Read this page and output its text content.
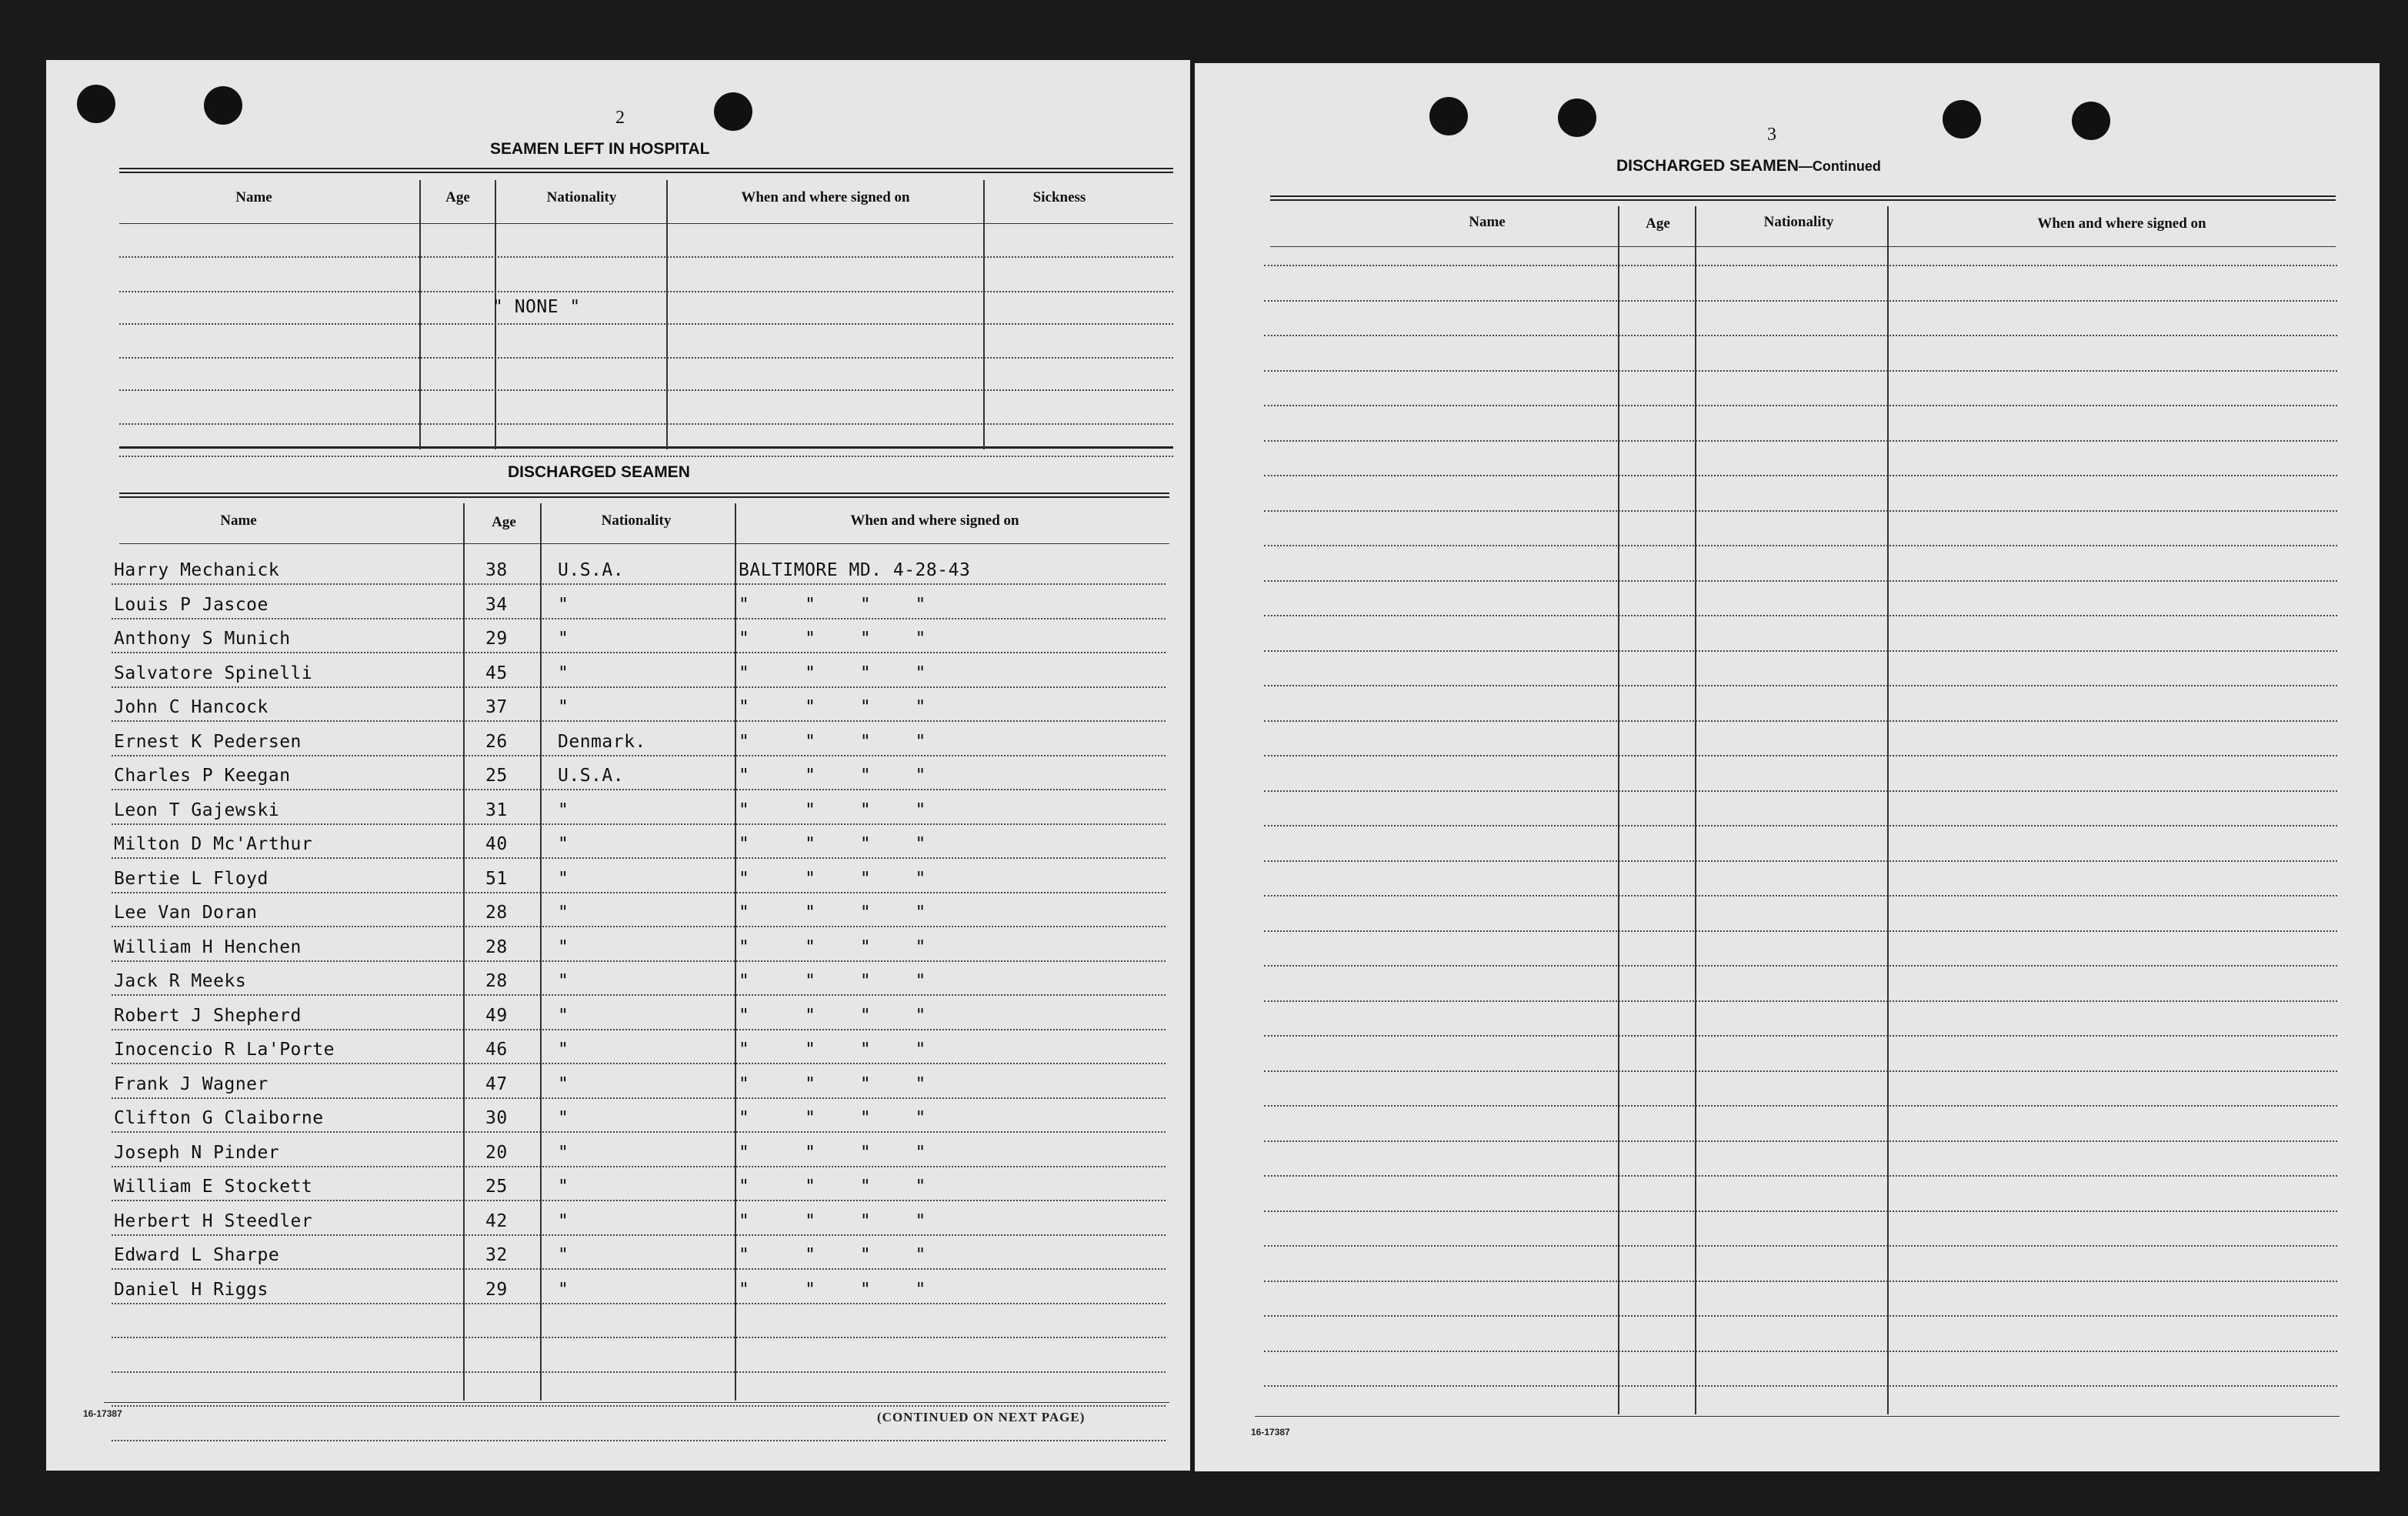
2
SEAMEN LEFT IN HOSPITAL
Name	Age	Nationality	When and where signed on	Sickness
" NONE "
DISCHARGED SEAMEN
Name	Age	Nationality	When and where signed on
Harry Mechanick	38	U.S.A.	BALTIMORE MD. 4-28-43
Louis P Jascoe	34	"	"     "    "    "
Anthony S Munich	29	"	"     "    "    "
Salvatore Spinelli	45	"	"     "    "    "
John C Hancock	37	"	"     "    "    "
Ernest K Pedersen	26	Denmark.	"     "    "    "
Charles P Keegan	25	U.S.A.	"     "    "    "
Leon T Gajewski	31	"	"     "    "    "
Milton D Mc'Arthur	40	"	"     "    "    "
Bertie L Floyd	51	"	"     "    "    "
Lee Van Doran	28	"	"     "    "    "
William H Henchen	28	"	"     "    "    "
Jack R Meeks	28	"	"     "    "    "
Robert J Shepherd	49	"	"     "    "    "
Inocencio R La'Porte	46	"	"     "    "    "
Frank J Wagner	47	"	"     "    "    "
Clifton G Claiborne	30	"	"     "    "    "
Joseph N Pinder	20	"	"     "    "    "
William E Stockett	25	"	"     "    "    "
Herbert H Steedler	42	"	"     "    "    "
Edward L Sharpe	32	"	"     "    "    "
Daniel H Riggs	29	"	"     "    "    "
16-17387	(CONTINUED ON NEXT PAGE)
3
DISCHARGED SEAMEN—Continued
Name	Age	Nationality	When and where signed on
16-17387
